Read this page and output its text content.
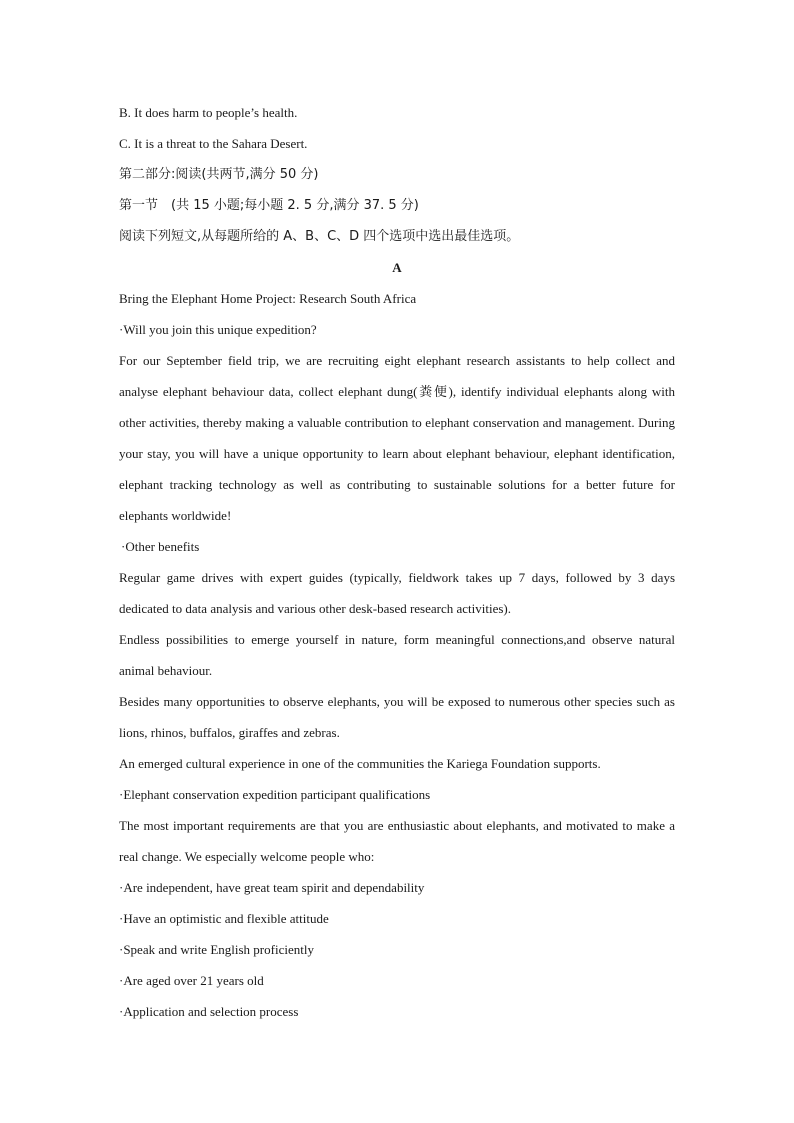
B. It does harm to people’s health.

C. It is a threat to the Sahara Desert.

第二部分:阅读(共两节,满分 50 分)

第一节　(共 15 小题;每小题 2. 5 分,满分 37. 5 分)

阅读下列短文,从每题所给的 A、B、C、D 四个选项中选出最佳选项。

A

Bring the Elephant Home Project: Research South Africa

·Will you join this unique expedition?

For our September field trip, we are recruiting eight elephant research assistants to help collect and analyse elephant behaviour data, collect elephant dung(粪便), identify individual elephants along with other activities, thereby making a valuable contribution to elephant conservation and management. During your stay, you will have a unique opportunity to learn about elephant behaviour, elephant identification, elephant tracking technology as well as contributing to sustainable solutions for a better future for elephants worldwide!

·Other benefits

Regular game drives with expert guides (typically, fieldwork takes up 7 days, followed by 3 days dedicated to data analysis and various other desk-based research activities).

Endless possibilities to emerge yourself in nature, form meaningful connections,and observe natural animal behaviour.

Besides many opportunities to observe elephants, you will be exposed to numerous other species such as lions, rhinos, buffalos, giraffes and zebras.

An emerged cultural experience in one of the communities the Kariega Foundation supports.

·Elephant conservation expedition participant qualifications

The most important requirements are that you are enthusiastic about elephants, and motivated to make a real change. We especially welcome people who:

·Are independent, have great team spirit and dependability

·Have an optimistic and flexible attitude

·Speak and write English proficiently

·Are aged over 21 years old

·Application and selection process
